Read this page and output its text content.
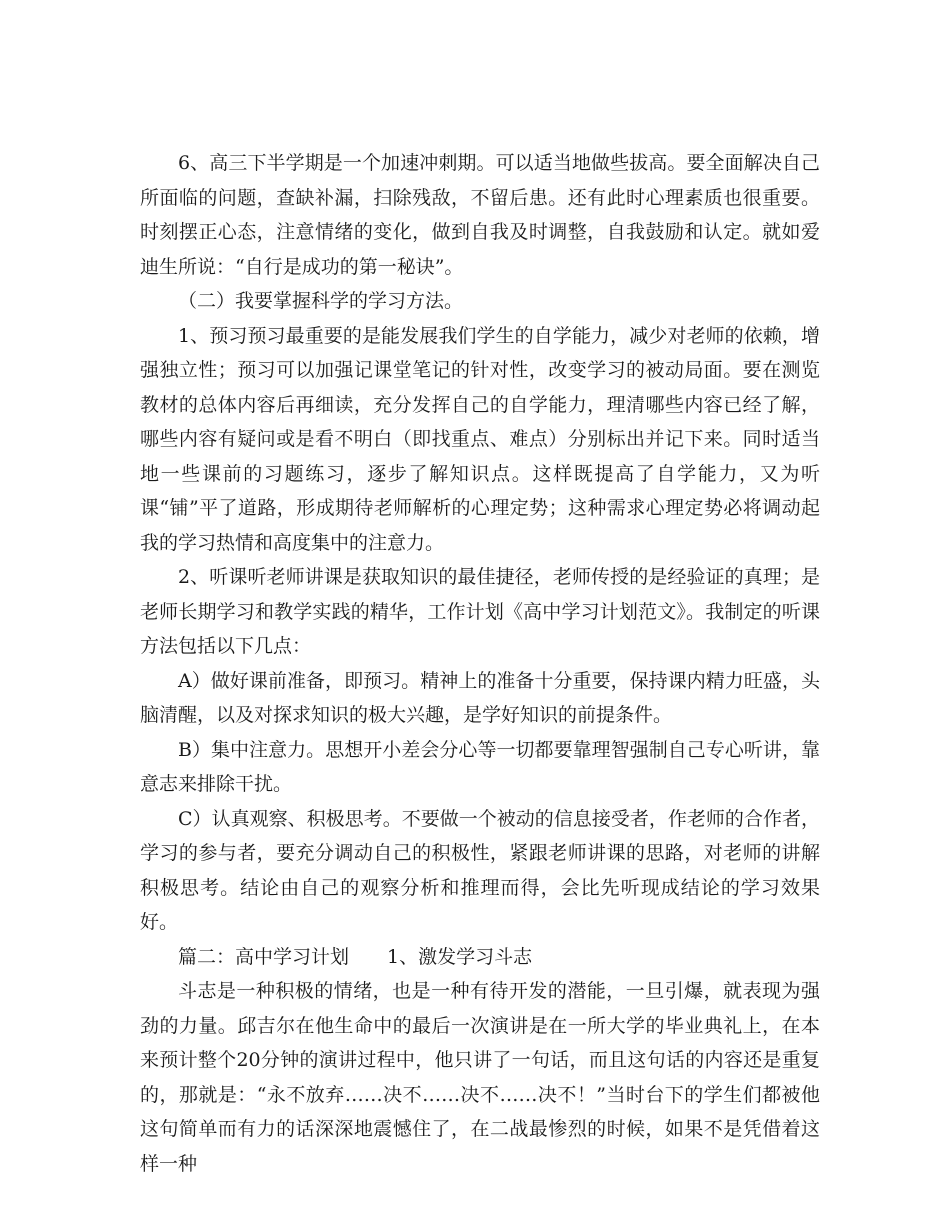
6、高三下半学期是一个加速冲刺期。可以适当地做些拔高。要全面解决自己所面临的问题，查缺补漏，扫除残敌，不留后患。还有此时心理素质也很重要。时刻摆正心态，注意情绪的变化，做到自我及时调整，自我鼓励和认定。就如爱迪生所说：“自行是成功的第一秘诀”。

（二）我要掌握科学的学习方法。

1、预习预习最重要的是能发展我们学生的自学能力，减少对老师的依赖，增强独立性；预习可以加强记课堂笔记的针对性，改变学习的被动局面。要在测览教材的总体内容后再细读，充分发挥自己的自学能力，理清哪些内容已经了解，哪些内容有疑问或是看不明白（即找重点、难点）分别标出并记下来。同时适当地一些课前的习题练习，逐步了解知识点。这样既提高了自学能力，又为听课“铺”平了道路，形成期待老师解析的心理定势；这种需求心理定势必将调动起我的学习热情和高度集中的注意力。

2、听课听老师讲课是获取知识的最佳捷径，老师传授的是经验证的真理；是老师长期学习和教学实践的精华，工作计划《高中学习计划范文》。我制定的听课方法包括以下几点：

A）做好课前准备，即预习。精神上的准备十分重要，保持课内精力旺盛，头脑清醒，以及对探求知识的极大兴趣，是学好知识的前提条件。

B）集中注意力。思想开小差会分心等一切都要靠理智强制自己专心听讲，靠意志来排除干扰。

C）认真观察、积极思考。不要做一个被动的信息接受者，作老师的合作者，学习的参与者，要充分调动自己的积极性，紧跟老师讲课的思路，对老师的讲解积极思考。结论由自己的观察分析和推理而得，会比先听现成结论的学习效果好。

篇二：高中学习计划　　1、激发学习斗志

斗志是一种积极的情绪，也是一种有待开发的潜能，一旦引爆，就表现为强劲的力量。邱吉尔在他生命中的最后一次演讲是在一所大学的毕业典礼上，在本来预计整个20分钟的演讲过程中，他只讲了一句话，而且这句话的内容还是重复的，那就是：“永不放弃……决不……决不……决不！”当时台下的学生们都被他这句简单而有力的话深深地震憾住了，在二战最惨烈的时候，如果不是凭借着这样一种
